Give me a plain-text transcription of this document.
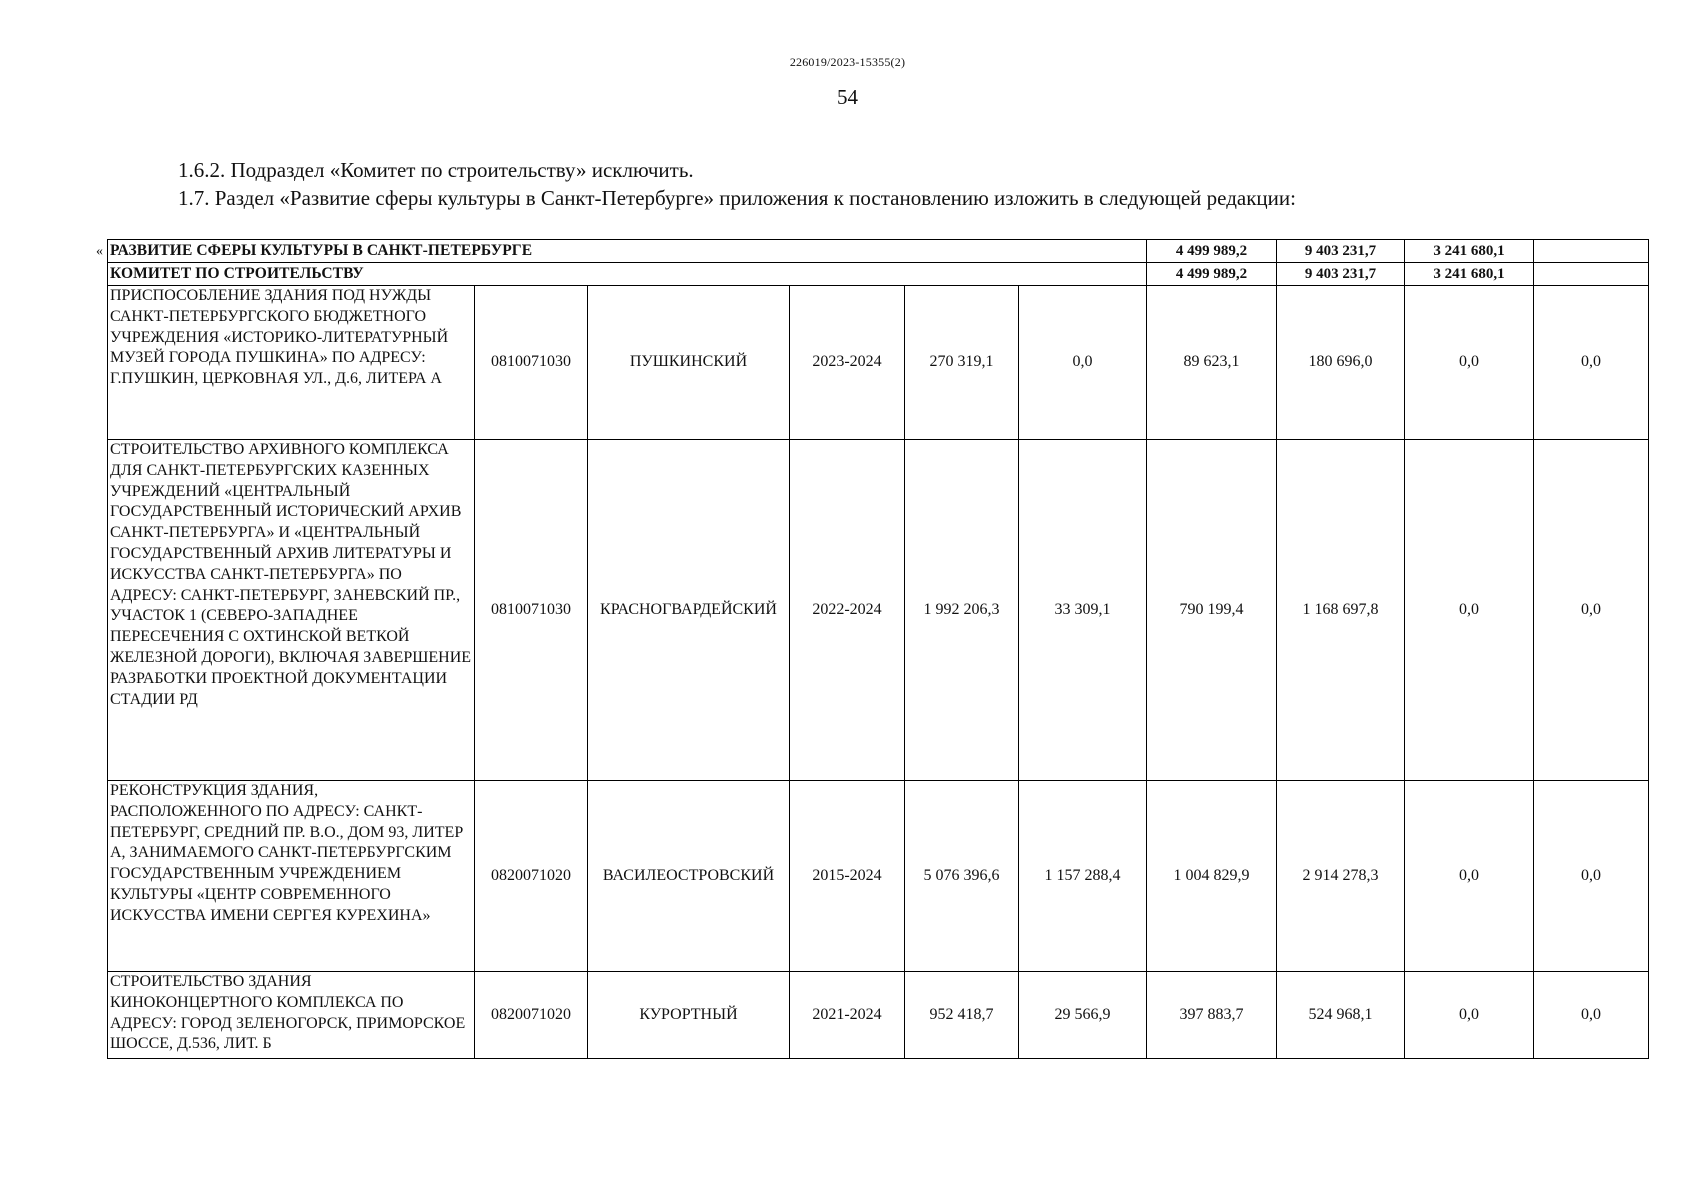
226019/2023-15355(2)
54
1.6.2. Подраздел «Комитет по строительству» исключить.
1.7. Раздел «Развитие сферы культуры в Санкт-Петербурге» приложения к постановлению изложить в следующей редакции:
« РАЗВИТИЕ СФЕРЫ КУЛЬТУРЫ В САНКТ-ПЕТЕРБУРГЕ						4 499 989,2	9 403 231,7	3 241 680,1	
КОМИТЕТ ПО СТРОИТЕЛЬСТВУ						4 499 989,2	9 403 231,7	3 241 680,1	
ПРИСПОСОБЛЕНИЕ ЗДАНИЯ ПОД НУЖДЫ САНКТ-ПЕТЕРБУРГСКОГО БЮДЖЕТНОГО УЧРЕЖДЕНИЯ «ИСТОРИКО-ЛИТЕРАТУРНЫЙ МУЗЕЙ ГОРОДА ПУШКИНА» ПО АДРЕСУ: Г.ПУШКИН, ЦЕРКОВНАЯ УЛ., Д.6, ЛИТЕРА А	0810071030	ПУШКИНСКИЙ	2023-2024	270 319,1	0,0	89 623,1	180 696,0	0,0	0,0
СТРОИТЕЛЬСТВО АРХИВНОГО КОМПЛЕКСА ДЛЯ САНКТ-ПЕТЕРБУРГСКИХ КАЗЕННЫХ УЧРЕЖДЕНИЙ «ЦЕНТРАЛЬНЫЙ ГОСУДАРСТВЕННЫЙ ИСТОРИЧЕСКИЙ АРХИВ САНКТ-ПЕТЕРБУРГА» И «ЦЕНТРАЛЬНЫЙ ГОСУДАРСТВЕННЫЙ АРХИВ ЛИТЕРАТУРЫ И ИСКУССТВА САНКТ-ПЕТЕРБУРГА» ПО АДРЕСУ: САНКТ-ПЕТЕРБУРГ, ЗАНЕВСКИЙ ПР., УЧАСТОК 1 (СЕВЕРО-ЗАПАДНЕЕ ПЕРЕСЕЧЕНИЯ С ОХТИНСКОЙ ВЕТКОЙ ЖЕЛЕЗНОЙ ДОРОГИ), ВКЛЮЧАЯ ЗАВЕРШЕНИЕ РАЗРАБОТКИ ПРОЕКТНОЙ ДОКУМЕНТАЦИИ СТАДИИ РД	0810071030	КРАСНОГВАРДЕЙСКИЙ	2022-2024	1 992 206,3	33 309,1	790 199,4	1 168 697,8	0,0	0,0
РЕКОНСТРУКЦИЯ ЗДАНИЯ, РАСПОЛОЖЕННОГО ПО АДРЕСУ: САНКТ-ПЕТЕРБУРГ, СРЕДНИЙ ПР. В.О., ДОМ 93, ЛИТЕР А, ЗАНИМАЕМОГО САНКТ-ПЕТЕРБУРГСКИМ ГОСУДАРСТВЕННЫМ УЧРЕЖДЕНИЕМ КУЛЬТУРЫ «ЦЕНТР СОВРЕМЕННОГО ИСКУССТВА ИМЕНИ СЕРГЕЯ КУРЕХИНА»	0820071020	ВАСИЛЕОСТРОВСКИЙ	2015-2024	5 076 396,6	1 157 288,4	1 004 829,9	2 914 278,3	0,0	0,0
СТРОИТЕЛЬСТВО ЗДАНИЯ КИНОКОНЦЕРТНОГО КОМПЛЕКСА ПО АДРЕСУ: ГОРОД ЗЕЛЕНОГОРСК, ПРИМОРСКОЕ ШОССЕ, Д.536, ЛИТ. Б	0820071020	КУРОРТНЫЙ	2021-2024	952 418,7	29 566,9	397 883,7	524 968,1	0,0	0,0
